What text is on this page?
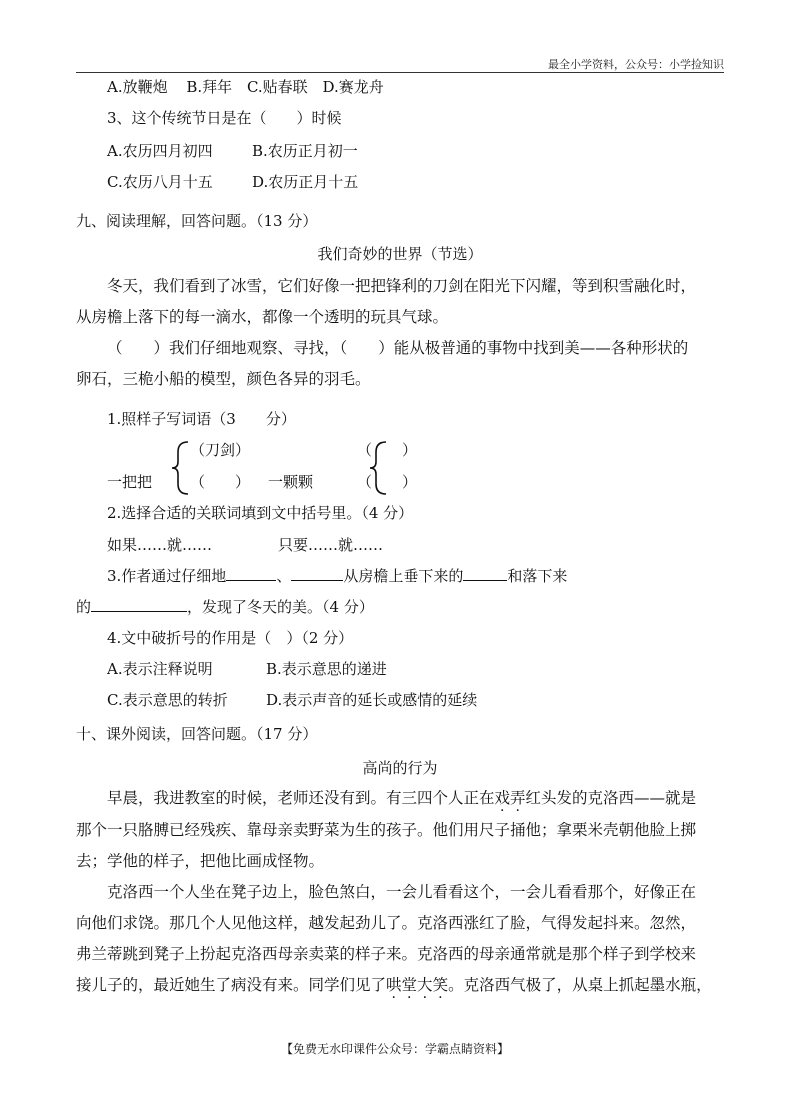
最全小学资料，公众号：小学捡知识
A.放鞭炮 B.拜年 C.贴春联 D.赛龙舟
3、这个传统节日是在（　　）时候
A.农历四月初四	B.农历正月初一
C.农历八月十五	D.农历正月十五
九、阅读理解，回答问题。（13 分）
我们奇妙的世界（节选）
冬天，我们看到了冰雪，它们好像一把把锋利的刀剑在阳光下闪耀，等到积雪融化时，
从房檐上落下的每一滴水，都像一个透明的玩具气球。
（　　）我们仔细地观察、寻找，（　　）能从极普通的事物中找到美——各种形状的
卵石，三桅小船的模型，颜色各异的羽毛。
1.照样子写词语（3　　分）
（刀剑）
一把把	（　　）
（　　）
一颗颗	（　　）
2.选择合适的关联词填到文中括号里。（4 分）
如果……就……	只要……就……
3.作者通过仔细地	、	从房檐上垂下来的	和落下来
的	，发现了冬天的美。（4 分）
4.文中破折号的作用是（　）（2 分）
A.表示注释说明	B.表示意思的递进
C.表示意思的转折	D.表示声音的延长或感情的延续
十、课外阅读，回答问题。（17 分）
高尚的行为
早晨，我进教室的时候，老师还没有到。有三四个人正在戏弄红头发的克洛西——就是
那个一只胳膊已经残疾、靠母亲卖野菜为生的孩子。他们用尺子捅他；拿栗米壳朝他脸上掷
去；学他的样子，把他比画成怪物。
克洛西一个人坐在凳子边上，脸色煞白，一会儿看看这个，一会儿看看那个，好像正在
向他们求饶。那几个人见他这样，越发起劲儿了。克洛西涨红了脸，气得发起抖来。忽然，
弗兰蒂跳到凳子上扮起克洛西母亲卖菜的样子来。克洛西的母亲通常就是那个样子到学校来
接儿子的，最近她生了病没有来。同学们见了哄堂大笑。克洛西气极了，从桌上抓起墨水瓶，
【免费无水印课件公众号：学霸点睛资料】
